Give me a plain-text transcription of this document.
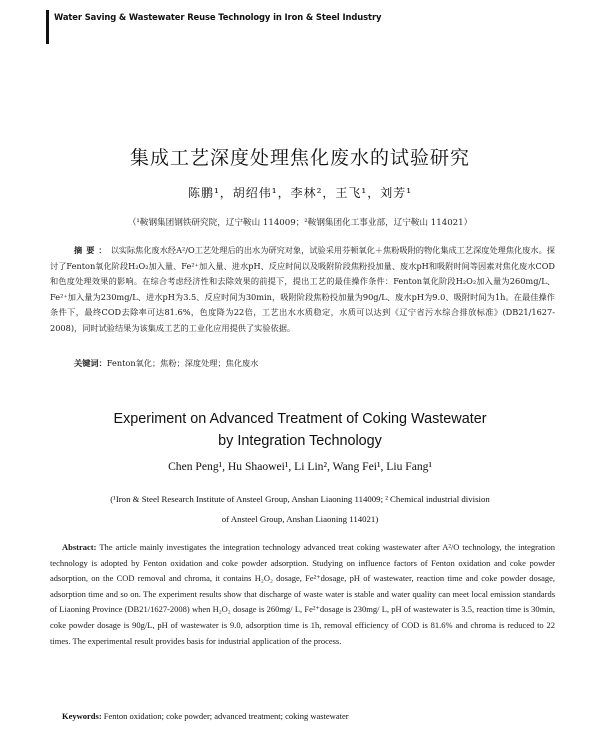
Water Saving & Wastewater Reuse Technology in Iron & Steel Industry
集成工艺深度处理焦化废水的试验研究
陈鹏¹，胡绍伟¹，李林²，王飞¹，刘芳¹
（¹鞍钢集团钢铁研究院，辽宁鞍山 114009；²鞍钢集团化工事业部，辽宁鞍山 114021）
摘要：以实际焦化废水经A²/O工艺处理后的出水为研究对象，试验采用芬顿氧化＋焦粉吸附的物化集成工艺深度处理焦化废水。探讨了Fenton氧化阶段H₂O₂加入量、Fe²⁺加入量、进水pH、反应时间以及吸附阶段焦粉投加量、废水pH和吸附时间等因素对焦化废水COD和色度处理效果的影响。在综合考虑经济性和去除效果的前提下，提出工艺的最佳操作条件：Fenton氧化阶段H₂O₂加入量为260mg/L、Fe²⁺加入量为230mg/L、进水pH为3.5、反应时间为30min，吸附阶段焦粉投加量为90g/L、废水pH为9.0、吸附时间为1h。在最佳操作条件下，最终COD去除率可达81.6%，色度降为22倍，工艺出水水质稳定，水质可以达到《辽宁省污水综合排放标准》(DB21/1627-2008)，同时试验结果为该集成工艺的工业化应用提供了实验依据。
关键词：Fenton氧化；焦粉；深度处理；焦化废水
Experiment on Advanced Treatment of Coking Wastewater
by Integration Technology
Chen Peng¹, Hu Shaowei¹, Li Lin², Wang Fei¹, Liu Fang¹
(¹Iron & Steel Research Institute of Ansteel Group, Anshan Liaoning 114009; ² Chemical industrial division
of Ansteel Group, Anshan Liaoning 114021)
Abstract: The article mainly investigates the integration technology advanced treat coking wastewater after A²/O technology, the integration technology is adopted by Fenton oxidation and coke powder adsorption. Studying on influence factors of Fenton oxidation and coke powder adsorption, on the COD removal and chroma, it contains H₂O₂ dosage, Fe²⁺dosage, pH of wastewater, reaction time and coke powder dosage, adsorption time and so on. The experiment results show that discharge of waste water is stable and water quality can meet local emission standards of Liaoning Province (DB21/1627-2008) when H₂O₂ dosage is 260mg/ L, Fe²⁺dosage is 230mg/ L, pH of wastewater is 3.5, reaction time is 30min, coke powder dosage is 90g/L, pH of wastewater is 9.0, adsorption time is 1h, removal efficiency of COD is 81.6% and chroma is reduced to 22 times. The experimental result provides basis for industrial application of the process.
Keywords: Fenton oxidation; coke powder; advanced treatment; coking wastewater
